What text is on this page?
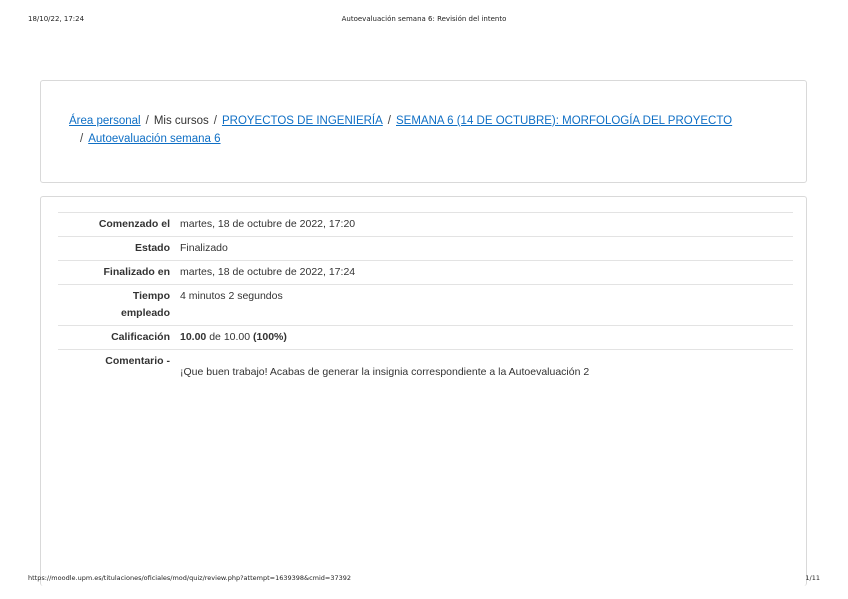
18/10/22, 17:24	Autoevaluación semana 6: Revisión del intento
Área personal / Mis cursos / PROYECTOS DE INGENIERÍA / SEMANA 6 (14 DE OCTUBRE): MORFOLOGÍA DEL PROYECTO
/ Autoevaluación semana 6
Comenzado el	martes, 18 de octubre de 2022, 17:20
Estado	Finalizado
Finalizado en	martes, 18 de octubre de 2022, 17:24
Tiempo empleado	4 minutos 2 segundos
Calificación	10.00 de 10.00 (100%)
Comentario -	¡Que buen trabajo! Acabas de generar la insignia correspondiente a la Autoevaluación 2
https://moodle.upm.es/titulaciones/oficiales/mod/quiz/review.php?attempt=1639398&cmid=37392	1/11
